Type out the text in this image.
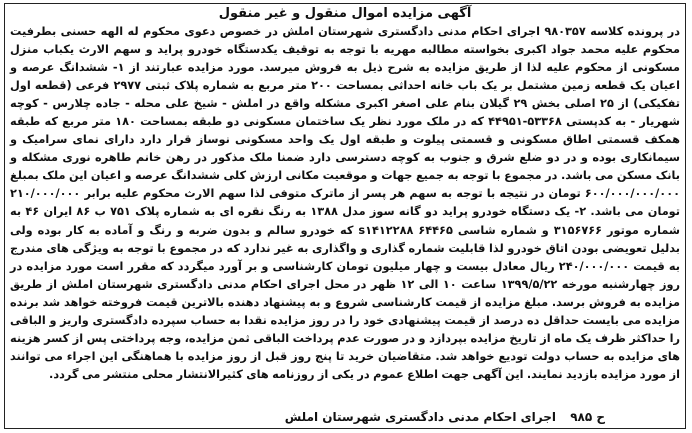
آگهی مزایده اموال منقول و غیر منقول

در پرونده کلاسه ۹۸۰۳۵۷ اجرای احکام مدنی دادگستری شهرستان املش در خصوص دعوی محکوم له الهه حسنی بطرفیت محکوم علیه محمد جواد اکبری بخواسته مطالبه مهریه با توجه به توقیف یکدستگاه خودرو پراید و سهم الارث یکباب منزل مسکونی از محکوم علیه لذا از طریق مزایده به شرح ذیل به فروش میرسد. مورد مزایده عبارتند از ۱- ششدانگ عرصه و اعیان یک قطعه زمین مشتمل بر یک باب خانه احداثی بمساحت ۲۰۰ متر مربع به شماره پلاک ثبتی ۲۹۷۷ فرعی (قطعه اول تفکیکی) از ۲۵ اصلی بخش ۲۹ گیلان بنام علی اصغر اکبری مشکله واقع در املش - شیخ علی محله - جاده چلارس - کوچه شهریار - به کدپستی ۵۳۳۶۸-۴۴۹۵۱ که در ملک مورد نظر یک ساختمان مسکونی دو طبقه بمساحت ۱۸۰ متر مربع که طبقه همکف قسمتی اطاق مسکونی و قسمتی پیلوت و طبقه اول یک واحد مسکونی نوساز قرار دارد دارای نمای سرامیک و سیمانکاری بوده و در دو ضلع شرق و جنوب به کوچه دسترسی دارد ضمنا ملک مذکور در رهن خانم طاهره نوری مشکله و بانک مسکن می باشد. در مجموع با توجه به جمیع جهات و موقعیت مکانی ارزش کلی ششدانگ عرصه و اعیان این ملک بمبلغ ۶۰۰/۰۰۰/۰۰۰/۰۰۰ تومان در نتیجه با توجه به سهم هر پسر از ماترک متوفی لذا سهم الارث محکوم علیه برابر ۲۱۰/۰۰۰/۰۰۰ تومان می باشد. ۲- یک دستگاه خودرو پراید دو گانه سوز مدل ۱۳۸۸ به رنگ نقره ای به شماره پلاک ۷۵۱ ب ۸۶ ایران ۴۶ به شماره موتور ۳۱۵۶۷۶۶ و شماره شاسی ۶۴۴۶۵ s۱۴۱۲۲۸۸ که خودرو سالم و بدون ضربه و رنگ و آماده به کار بوده ولی بدلیل تعویضی بودن اتاق خودرو لذا قابلیت شماره گذاری و واگذاری به غیر ندارد که در مجموع با توجه به ویژگی های مندرج به قیمت ۲۴۰/۰۰۰/۰۰۰ ریال معادل بیست و چهار میلیون تومان کارشناسی و بر آورد میگردد که مقرر است مورد مزایده در روز چهارشنبه مورخه ۱۳۹۹/۵/۲۲ ساعت ۱۰ الی ۱۲ ظهر در محل اجرای احکام مدنی دادگستری شهرستان املش از طریق مزایده به فروش برسد. مبلغ مزایده از قیمت کارشناسی شروع و به پیشنهاد دهنده بالاترین قیمت فروخته خواهد شد برنده مزایده می بایست حداقل ده درصد از قیمت پیشنهادی خود را در روز مزایده نقدا به حساب سپرده دادگستری واریز و الباقی را حداکثر ظرف یک ماه از تاریخ مزایده بپردازد و در صورت عدم پرداخت الباقی ثمن مزایده، وجه پرداختی پس از کسر هزینه های مزایده به حساب دولت تودیع خواهد شد. متقاضیان خرید تا پنج روز قبل از روز مزایده با هماهنگی این اجراء می توانند از مورد مزایده بازدید نمایند. این آگهی جهت اطلاع عموم در یکی از روزنامه های کثیرالانتشار محلی منتشر می گردد.

ح ۹۸۵ اجرای احکام مدنی دادگستری شهرستان املش
